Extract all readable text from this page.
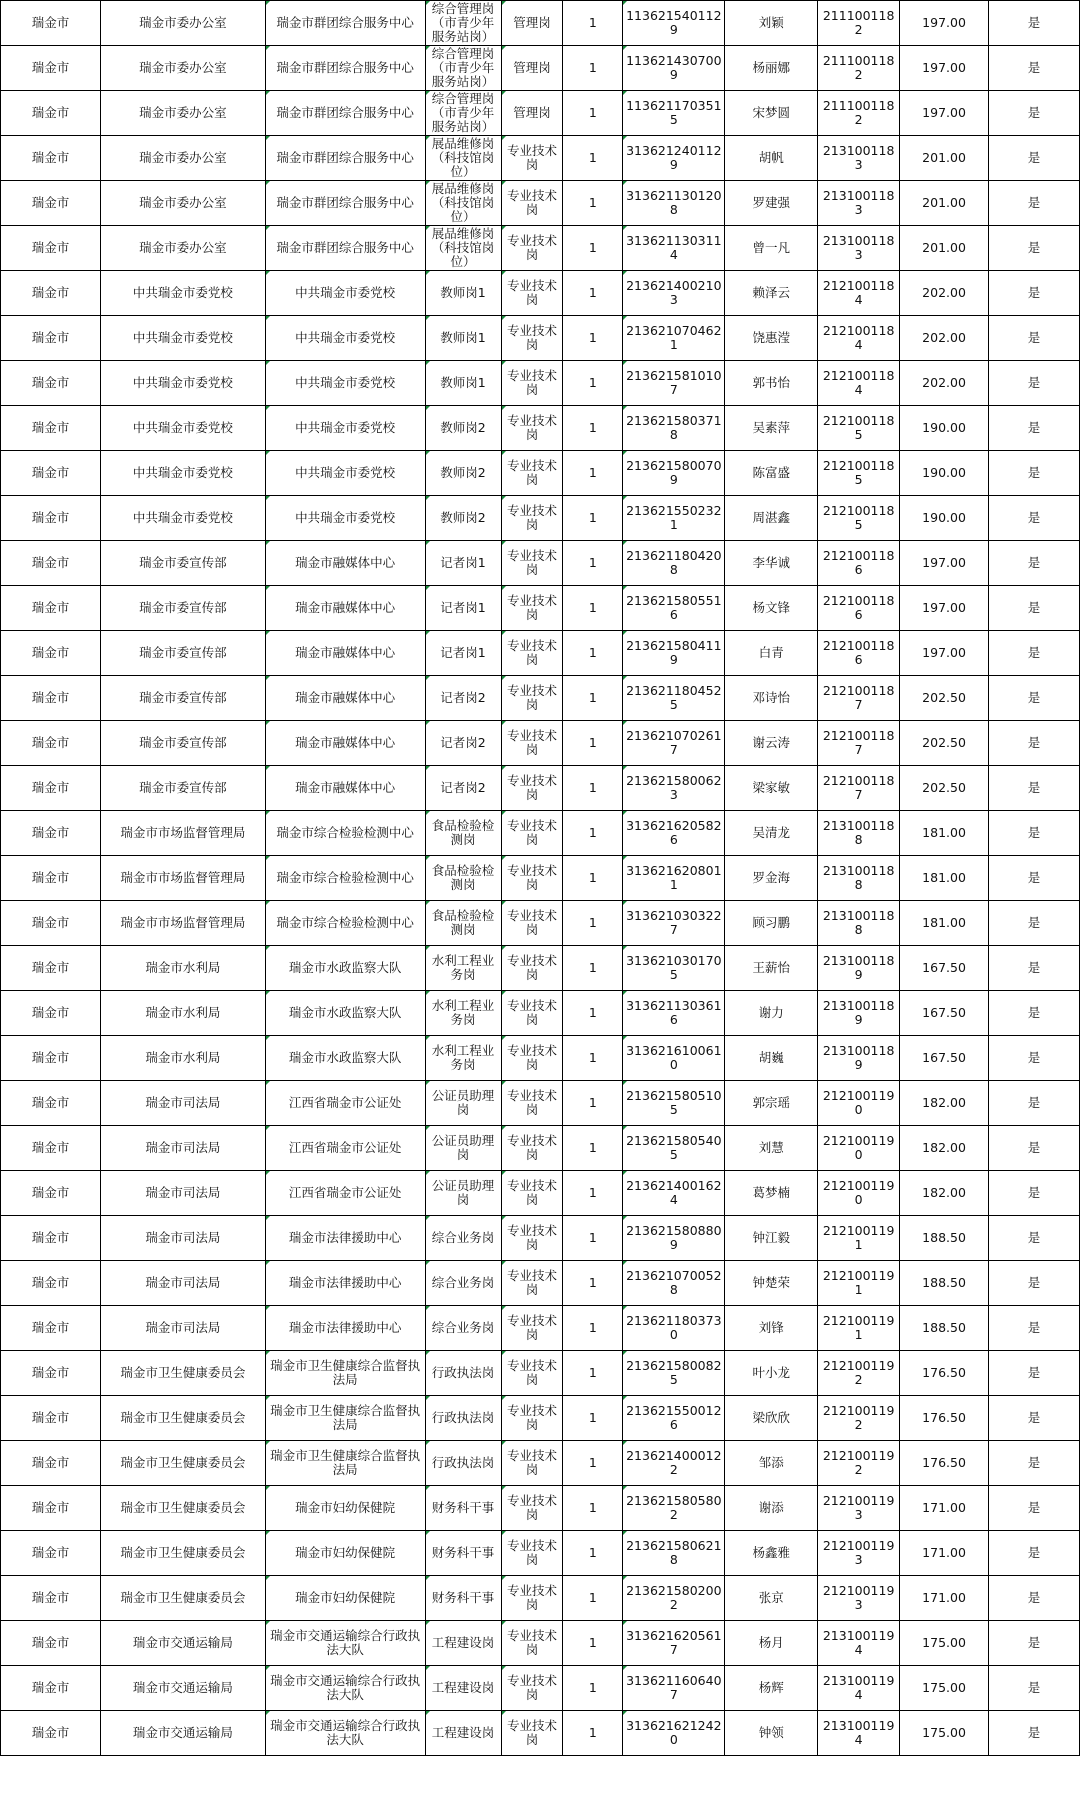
瑞金市	瑞金市委办公室	瑞金市群团综合服务中心	综合管理岗（市青少年服务站岗）	管理岗	1	1136215401129	刘颖	2111001182	197.00	是
瑞金市	瑞金市委办公室	瑞金市群团综合服务中心	综合管理岗（市青少年服务站岗）	管理岗	1	1136214307009	杨丽娜	2111001182	197.00	是
瑞金市	瑞金市委办公室	瑞金市群团综合服务中心	综合管理岗（市青少年服务站岗）	管理岗	1	1136211703515	宋梦圆	2111001182	197.00	是
瑞金市	瑞金市委办公室	瑞金市群团综合服务中心	展品维修岗（科技馆岗位）	专业技术岗	1	3136212401129	胡帆	2131001183	201.00	是
瑞金市	瑞金市委办公室	瑞金市群团综合服务中心	展品维修岗（科技馆岗位）	专业技术岗	1	3136211301208	罗建强	2131001183	201.00	是
瑞金市	瑞金市委办公室	瑞金市群团综合服务中心	展品维修岗（科技馆岗位）	专业技术岗	1	3136211303114	曾一凡	2131001183	201.00	是
瑞金市	中共瑞金市委党校	中共瑞金市委党校	教师岗1	专业技术岗	1	2136214002103	赖泽云	2121001184	202.00	是
瑞金市	中共瑞金市委党校	中共瑞金市委党校	教师岗1	专业技术岗	1	2136210704621	饶惠滢	2121001184	202.00	是
瑞金市	中共瑞金市委党校	中共瑞金市委党校	教师岗1	专业技术岗	1	2136215810107	郭书怡	2121001184	202.00	是
瑞金市	中共瑞金市委党校	中共瑞金市委党校	教师岗2	专业技术岗	1	2136215803718	吴素萍	2121001185	190.00	是
瑞金市	中共瑞金市委党校	中共瑞金市委党校	教师岗2	专业技术岗	1	2136215800709	陈富盛	2121001185	190.00	是
瑞金市	中共瑞金市委党校	中共瑞金市委党校	教师岗2	专业技术岗	1	2136215502321	周湛鑫	2121001185	190.00	是
瑞金市	瑞金市委宣传部	瑞金市融媒体中心	记者岗1	专业技术岗	1	2136211804208	李华诚	2121001186	197.00	是
瑞金市	瑞金市委宣传部	瑞金市融媒体中心	记者岗1	专业技术岗	1	2136215805516	杨文锋	2121001186	197.00	是
瑞金市	瑞金市委宣传部	瑞金市融媒体中心	记者岗1	专业技术岗	1	2136215804119	白青	2121001186	197.00	是
瑞金市	瑞金市委宣传部	瑞金市融媒体中心	记者岗2	专业技术岗	1	2136211804525	邓诗怡	2121001187	202.50	是
瑞金市	瑞金市委宣传部	瑞金市融媒体中心	记者岗2	专业技术岗	1	2136210702617	谢云涛	2121001187	202.50	是
瑞金市	瑞金市委宣传部	瑞金市融媒体中心	记者岗2	专业技术岗	1	2136215800623	梁家敏	2121001187	202.50	是
瑞金市	瑞金市市场监督管理局	瑞金市综合检验检测中心	食品检验检测岗	专业技术岗	1	3136216205826	吴清龙	2131001188	181.00	是
瑞金市	瑞金市市场监督管理局	瑞金市综合检验检测中心	食品检验检测岗	专业技术岗	1	3136216208011	罗金海	2131001188	181.00	是
瑞金市	瑞金市市场监督管理局	瑞金市综合检验检测中心	食品检验检测岗	专业技术岗	1	3136210303227	顾习鹏	2131001188	181.00	是
瑞金市	瑞金市水利局	瑞金市水政监察大队	水利工程业务岗	专业技术岗	1	3136210301705	王薪怡	2131001189	167.50	是
瑞金市	瑞金市水利局	瑞金市水政监察大队	水利工程业务岗	专业技术岗	1	3136211303616	谢力	2131001189	167.50	是
瑞金市	瑞金市水利局	瑞金市水政监察大队	水利工程业务岗	专业技术岗	1	3136216100610	胡巍	2131001189	167.50	是
瑞金市	瑞金市司法局	江西省瑞金市公证处	公证员助理岗	专业技术岗	1	2136215805105	郭宗瑶	2121001190	182.00	是
瑞金市	瑞金市司法局	江西省瑞金市公证处	公证员助理岗	专业技术岗	1	2136215805405	刘慧	2121001190	182.00	是
瑞金市	瑞金市司法局	江西省瑞金市公证处	公证员助理岗	专业技术岗	1	2136214001624	葛梦楠	2121001190	182.00	是
瑞金市	瑞金市司法局	瑞金市法律援助中心	综合业务岗	专业技术岗	1	2136215808809	钟江毅	2121001191	188.50	是
瑞金市	瑞金市司法局	瑞金市法律援助中心	综合业务岗	专业技术岗	1	2136210700528	钟楚荣	2121001191	188.50	是
瑞金市	瑞金市司法局	瑞金市法律援助中心	综合业务岗	专业技术岗	1	2136211803730	刘锋	2121001191	188.50	是
瑞金市	瑞金市卫生健康委员会	瑞金市卫生健康综合监督执法局	行政执法岗	专业技术岗	1	2136215800825	叶小龙	2121001192	176.50	是
瑞金市	瑞金市卫生健康委员会	瑞金市卫生健康综合监督执法局	行政执法岗	专业技术岗	1	2136215500126	梁欣欣	2121001192	176.50	是
瑞金市	瑞金市卫生健康委员会	瑞金市卫生健康综合监督执法局	行政执法岗	专业技术岗	1	2136214000122	邹添	2121001192	176.50	是
瑞金市	瑞金市卫生健康委员会	瑞金市妇幼保健院	财务科干事	专业技术岗	1	2136215805802	谢添	2121001193	171.00	是
瑞金市	瑞金市卫生健康委员会	瑞金市妇幼保健院	财务科干事	专业技术岗	1	2136215806218	杨鑫雅	2121001193	171.00	是
瑞金市	瑞金市卫生健康委员会	瑞金市妇幼保健院	财务科干事	专业技术岗	1	2136215802002	张京	2121001193	171.00	是
瑞金市	瑞金市交通运输局	瑞金市交通运输综合行政执法大队	工程建设岗	专业技术岗	1	3136216205617	杨月	2131001194	175.00	是
瑞金市	瑞金市交通运输局	瑞金市交通运输综合行政执法大队	工程建设岗	专业技术岗	1	3136211606407	杨辉	2131001194	175.00	是
瑞金市	瑞金市交通运输局	瑞金市交通运输综合行政执法大队	工程建设岗	专业技术岗	1	3136216212420	钟领	2131001194	175.00	是
